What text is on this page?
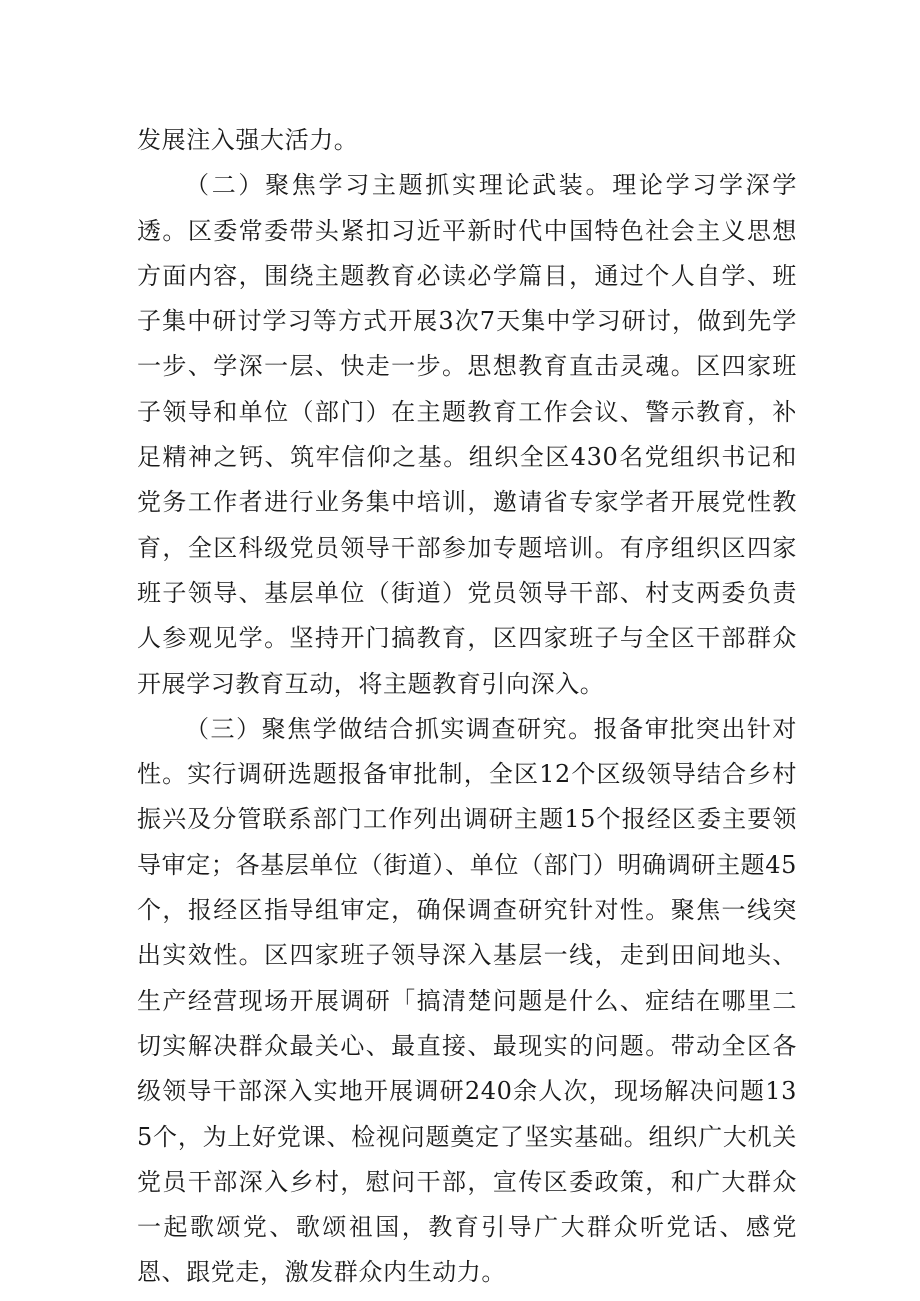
发展注入强大活力。

（二）聚焦学习主题抓实理论武装。理论学习学深学透。区委常委带头紧扣习近平新时代中国特色社会主义思想方面内容，围绕主题教育必读必学篇目，通过个人自学、班子集中研讨学习等方式开展3次7天集中学习研讨，做到先学一步、学深一层、快走一步。思想教育直击灵魂。区四家班子领导和单位（部门）在主题教育工作会议、警示教育，补足精神之钙、筑牢信仰之基。组织全区430名党组织书记和党务工作者进行业务集中培训，邀请省专家学者开展党性教育，全区科级党员领导干部参加专题培训。有序组织区四家班子领导、基层单位（街道）党员领导干部、村支两委负责人参观见学。坚持开门搞教育，区四家班子与全区干部群众开展学习教育互动，将主题教育引向深入。

（三）聚焦学做结合抓实调查研究。报备审批突出针对性。实行调研选题报备审批制，全区12个区级领导结合乡村振兴及分管联系部门工作列出调研主题15个报经区委主要领导审定；各基层单位（街道）、单位（部门）明确调研主题45个，报经区指导组审定，确保调查研究针对性。聚焦一线突出实效性。区四家班子领导深入基层一线，走到田间地头、生产经营现场开展调研「搞清楚问题是什么、症结在哪里二切实解决群众最关心、最直接、最现实的问题。带动全区各级领导干部深入实地开展调研240余人次，现场解决问题135个，为上好党课、检视问题奠定了坚实基础。组织广大机关党员干部深入乡村，慰问干部，宣传区委政策，和广大群众一起歌颂党、歌颂祖国，教育引导广大群众听党话、感党恩、跟党走，激发群众内生动力。
